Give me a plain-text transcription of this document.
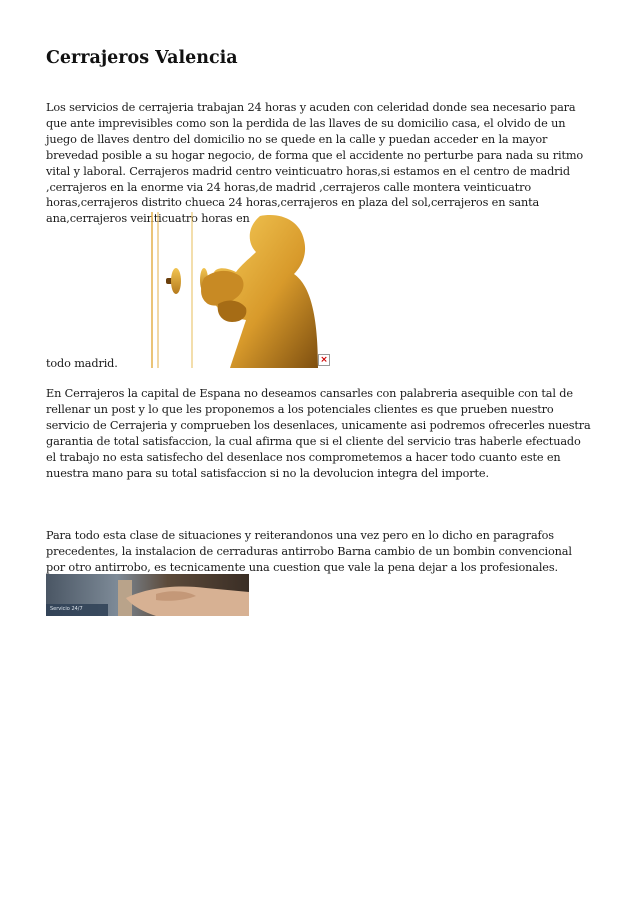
Cerrajeros Valencia

Los servicios de cerrajeria trabajan 24 horas y acuden con celeridad donde sea necesario para que ante imprevisibles como son la perdida de las llaves de su domicilio casa, el olvido de un juego de llaves dentro del domicilio no se quede en la calle y puedan acceder en la mayor brevedad posible a su hogar negocio, de forma que el accidente no perturbe para nada su ritmo vital y laboral. Cerrajeros madrid centro veinticuatro horas,si estamos en el centro de madrid ,cerrajeros en la enorme via 24 horas,de madrid ,cerrajeros calle montera veinticuatro horas,cerrajeros distrito chueca 24 horas,cerrajeros en plaza del sol,cerrajeros en santa ana,cerrajeros veinticuatro horas en

todo madrid.	×

En Cerrajeros la capital de Espana no deseamos cansarles con palabreria asequible con tal de rellenar un post y lo que les proponemos a los potenciales clientes es que prueben nuestro servicio de Cerrajeria y comprueben los desenlaces, unicamente asi podremos ofrecerles nuestra garantia de total satisfaccion, la cual afirma que si el cliente del servicio tras haberle efectuado el trabajo no esta satisfecho del desenlace nos comprometemos a hacer todo cuanto este en nuestra mano para su total satisfaccion si no la devolucion integra del importe.

Para todo esta clase de situaciones y reiterandonos una vez pero en lo dicho en paragrafos precedentes, la instalacion de cerraduras antirrobo Barna cambio de un bombin convencional por otro antirrobo, es tecnicamente una cuestion que vale la pena dejar a los profesionales.

Servicio 24/7
